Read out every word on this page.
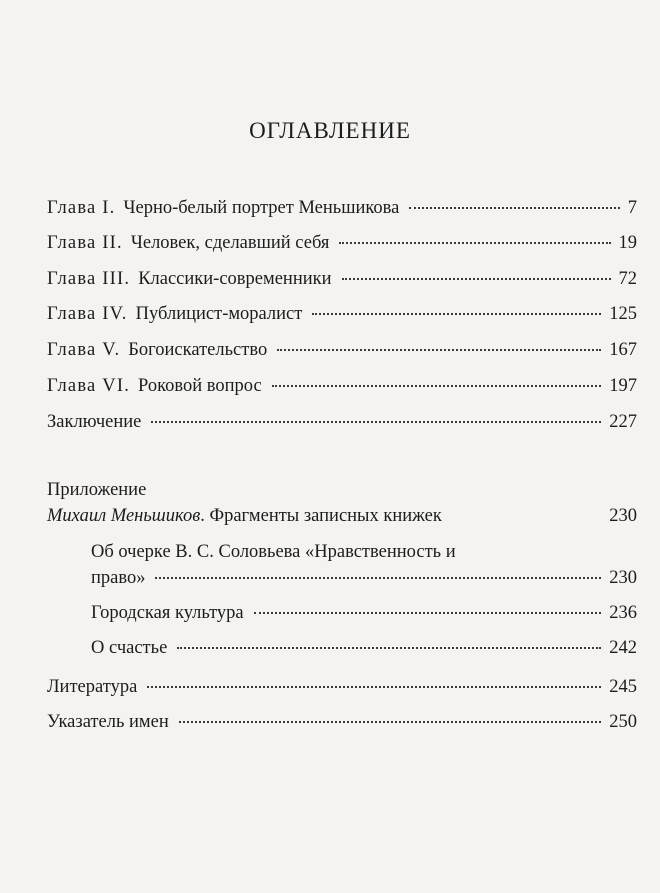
ОГЛАВЛЕНИЕ
Глава I. Черно-белый портрет Меньшикова	7
Глава II. Человек, сделавший себя	19
Глава III. Классики-современники	72
Глава IV. Публицист-моралист	125
Глава V. Богоискательство	167
Глава VI. Роковой вопрос	197
Заключение	227
Приложение
Михаил Меньшиков. Фрагменты записных книжек	230
Об очерке В. С. Соловьева «Нравственность и
право»	230
Городская культура	236
О счастье	242
Литература	245
Указатель имен	250
